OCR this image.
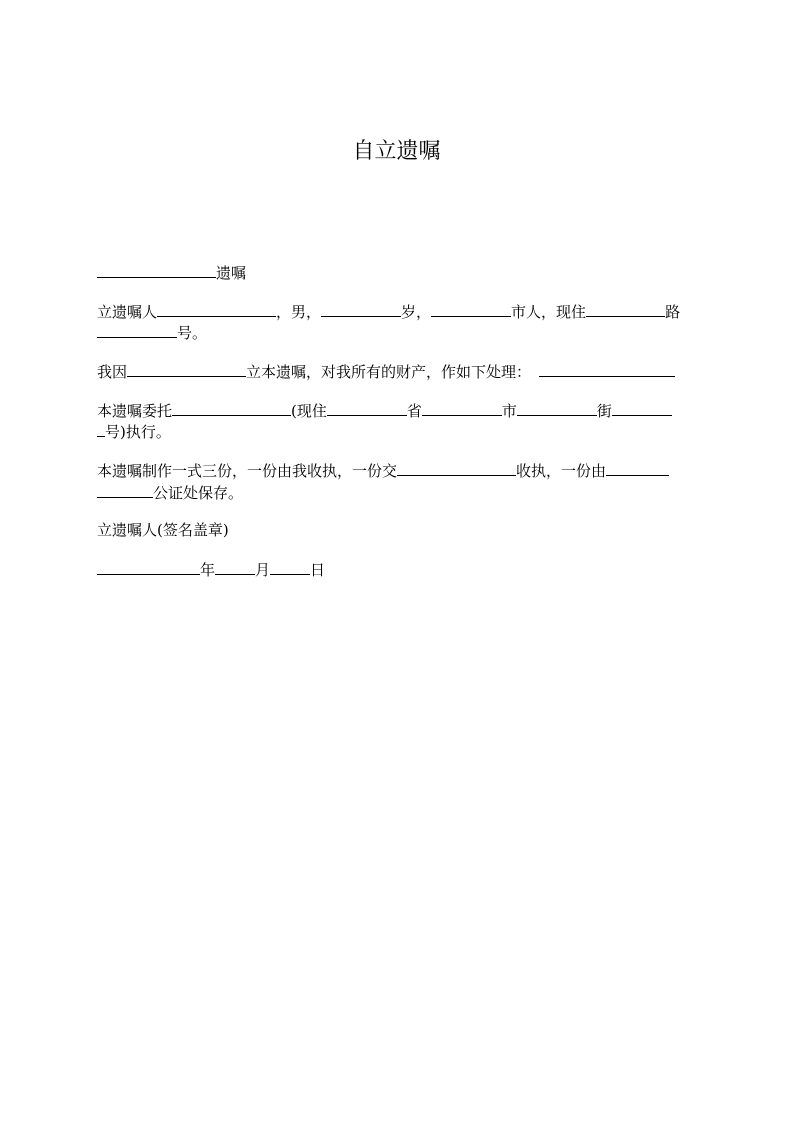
自立遗嘱
遗嘱
立遗嘱人	，男，	岁，	市人，现住	路
号。
我因	立本遗嘱，对我所有的财产，作如下处理：
本遗嘱委托	(现住	省	市	街
号)执行。
本遗嘱制作一式三份，一份由我收执，一份交	收执，一份由
公证处保存。
立遗嘱人(签名盖章)
年	月	日
